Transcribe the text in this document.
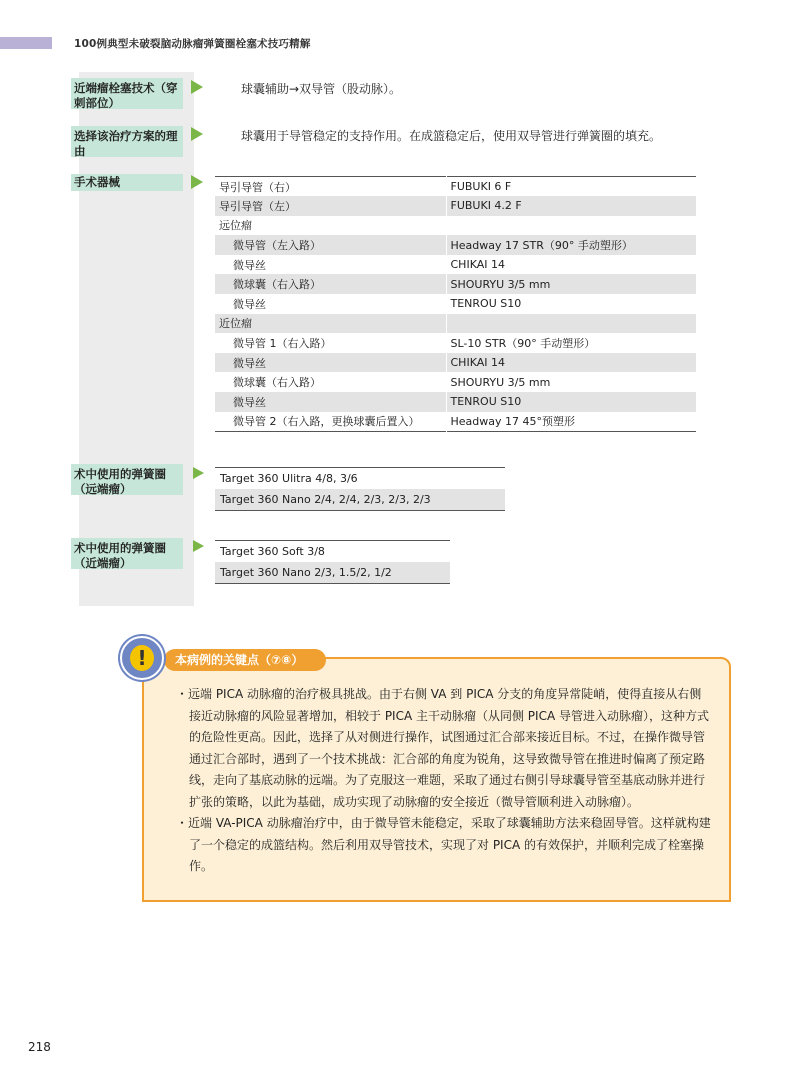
100例典型未破裂脑动脉瘤弹簧圈栓塞术技巧精解
近端瘤栓塞技术（穿刺部位）
球囊辅助→双导管（股动脉）。
选择该治疗方案的理由
球囊用于导管稳定的支持作用。在成篮稳定后，使用双导管进行弹簧圈的填充。
手术器械	导引导管（右）	FUBUKI 6 F
导引导管（左）	FUBUKI 4.2 F
远位瘤	
微导管（左入路）	Headway 17 STR（90° 手动塑形）
微导丝	CHIKAI 14
微球囊（右入路）	SHOURYU 3/5 mm
微导丝	TENROU S10
近位瘤	
微导管 1（右入路）	SL-10 STR（90° 手动塑形）
微导丝	CHIKAI 14
微球囊（右入路）	SHOURYU 3/5 mm
微导丝	TENROU S10
微导管 2（右入路，更换球囊后置入）	Headway 17 45°预塑形
术中使用的弹簧圈（远端瘤）
Target 360 Ulitra 4/8, 3/6
Target 360 Nano 2/4, 2/4, 2/3, 2/3, 2/3
术中使用的弹簧圈（近端瘤）
Target 360 Soft 3/8
Target 360 Nano 2/3, 1.5/2, 1/2
本病例的关键点（⑦⑧）
!

・远端 PICA 动脉瘤的治疗极具挑战。由于右侧 VA 到 PICA 分支的角度异常陡峭，使得直接从右侧接近动脉瘤的风险显著增加，相较于 PICA 主干动脉瘤（从同侧 PICA 导管进入动脉瘤），这种方式的危险性更高。因此，选择了从对侧进行操作，试图通过汇合部来接近目标。不过，在操作微导管通过汇合部时，遇到了一个技术挑战：汇合部的角度为锐角，这导致微导管在推进时偏离了预定路线，走向了基底动脉的远端。为了克服这一难题，采取了通过右侧引导球囊导管至基底动脉并进行扩张的策略，以此为基础，成功实现了动脉瘤的安全接近（微导管顺利进入动脉瘤）。

・近端 VA-PICA 动脉瘤治疗中，由于微导管未能稳定，采取了球囊辅助方法来稳固导管。这样就构建了一个稳定的成篮结构。然后利用双导管技术，实现了对 PICA 的有效保护，并顺利完成了栓塞操作。

218
